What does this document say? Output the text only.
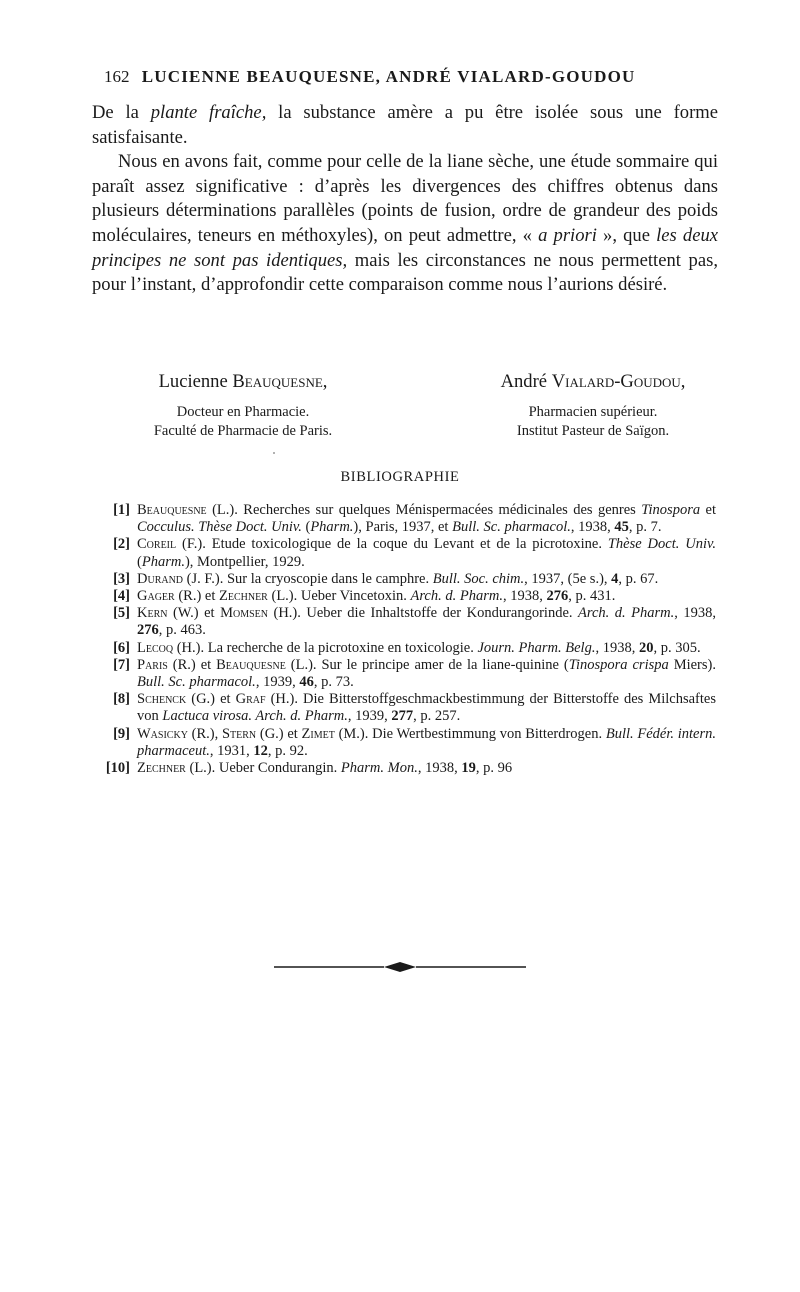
162 LUCIENNE BEAUQUESNE, ANDRÉ VIALARD-GOUDOU

De la plante fraîche, la substance amère a pu être isolée sous une forme satisfaisante.

Nous en avons fait, comme pour celle de la liane sèche, une étude sommaire qui paraît assez significative : d’après les divergences des chiffres obtenus dans plusieurs déterminations parallèles (points de fusion, ordre de grandeur des poids moléculaires, teneurs en méthoxyles), on peut admettre, « a priori », que les deux principes ne sont pas identiques, mais les circonstances ne nous permettent pas, pour l’instant, d’approfondir cette comparaison comme nous l’aurions désiré.

Lucienne Beauquesne,
Docteur en Pharmacie.
Faculté de Pharmacie de Paris.
André Vialard-Goudou,
Pharmacien supérieur.
Institut Pasteur de Saïgon.
BIBLIOGRAPHIE
[1] Beauquesne (L.). Recherches sur quelques Ménispermacées médicinales des genres Tinospora et Cocculus. Thèse Doct. Univ. (Pharm.), Paris, 1937, et Bull. Sc. pharmacol., 1938, 45, p. 7.
[2] Coreil (F.). Etude toxicologique de la coque du Levant et de la picrotoxine. Thèse Doct. Univ. (Pharm.), Montpellier, 1929.
[3] Durand (J. F.). Sur la cryoscopie dans le camphre. Bull. Soc. chim., 1937, (5e s.), 4, p. 67.
[4] Gager (R.) et Zechner (L.). Ueber Vincetoxin. Arch. d. Pharm., 1938, 276, p. 431.
[5] Kern (W.) et Momsen (H.). Ueber die Inhaltstoffe der Kondurangorinde. Arch. d. Pharm., 1938, 276, p. 463.
[6] Lecoq (H.). La recherche de la picrotoxine en toxicologie. Journ. Pharm. Belg., 1938, 20, p. 305.
[7] Paris (R.) et Beauquesne (L.). Sur le principe amer de la liane-quinine (Tinospora crispa Miers). Bull. Sc. pharmacol., 1939, 46, p. 73.
[8] Schenck (G.) et Graf (H.). Die Bitterstoffgeschmackbestimmung der Bitterstoffe des Milchsaftes von Lactuca virosa. Arch. d. Pharm., 1939, 277, p. 257.
[9] Wasicky (R.), Stern (G.) et Zimet (M.). Die Wertbestimmung von Bitterdrogen. Bull. Fédér. intern. pharmaceut., 1931, 12, p. 92.
[10] Zechner (L.). Ueber Condurangin. Pharm. Mon., 1938, 19, p. 96
